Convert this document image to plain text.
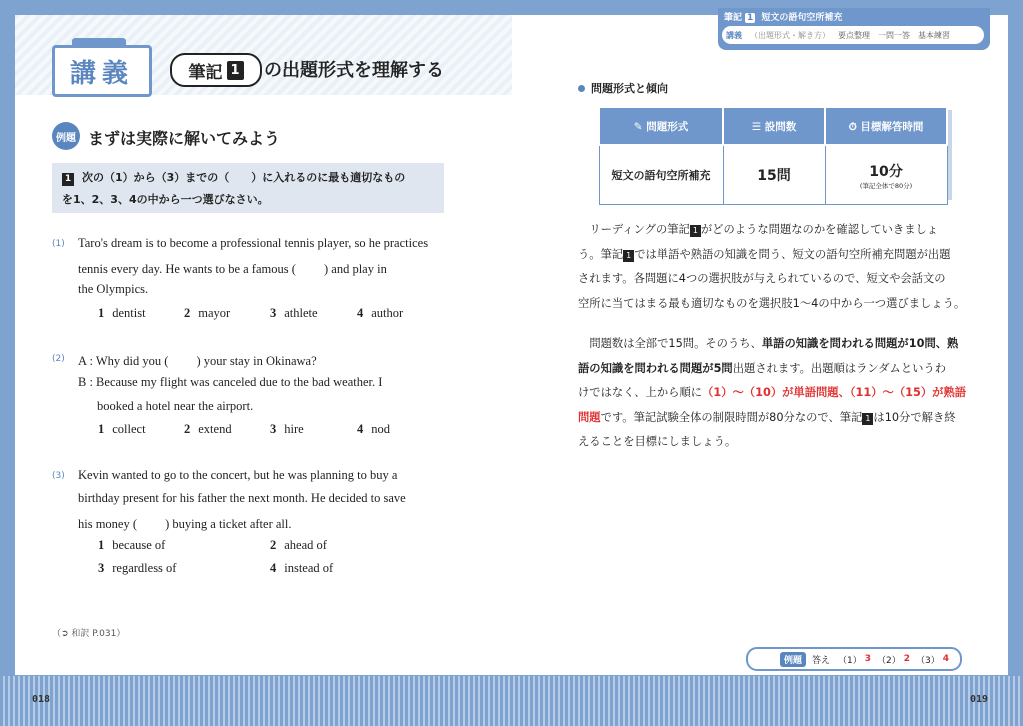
018	019
講義	筆記 1 の出題形式を理解する
筆記 1 短文の語句空所補充
講義	（出題形式・解き方）	要点整理	一問一答	基本練習
例題 まずは実際に解いてみよう
1 次の（1）から（3）までの（　　）に入れるのに最も適切なもの
を1、2、3、4の中から一つ選びなさい。
(1) Taro's dream is to become a professional tennis player, so he practices
tennis every day. He wants to be a famous (　　 ) and play in
the Olympics.
1 dentist	2 mayor	3 athlete	4 author
(2) A : Why did you (　　 ) your stay in Okinawa?
B : Because my flight was canceled due to the bad weather. I
booked a hotel near the airport.
1 collect	2 extend	3 hire	4 nod
(3) Kevin wanted to go to the concert, but he was planning to buy a
birthday present for his father the next month. He decided to save
his money (　　 ) buying a ticket after all.
1 because of	2 ahead of
3 regardless of	4 instead of
（➲ 和訳 P.031）
問題形式と傾向
✎ 問題形式	☰ 設問数	⏱ 目標解答時間
短文の語句空所補充	15問	10分
(筆記全体で80分)
　リーディングの筆記 1 がどのような問題なのかを確認していきましょ
う。筆記 1 では単語や熟語の知識を問う、短文の語句空所補充問題が出題
されます。各問題に4つの選択肢が与えられているので、短文や会話文の
空所に当てはまる最も適切なものを選択肢1〜4の中から一つ選びましょう。
　問題数は全部で15問。そのうち、単語の知識を問われる問題が10問、熟
語の知識を問われる問題が5問出題されます。出題順はランダムというわ
けではなく、上から順に（1）〜（10）が単語問題、（11）〜（15）が熟語
問題です。筆記試験全体の制限時間が80分なので、筆記 1 は10分で解き終
えることを目標にしましょう。
例題	答え （1） 3 （2） 2 （3） 4
